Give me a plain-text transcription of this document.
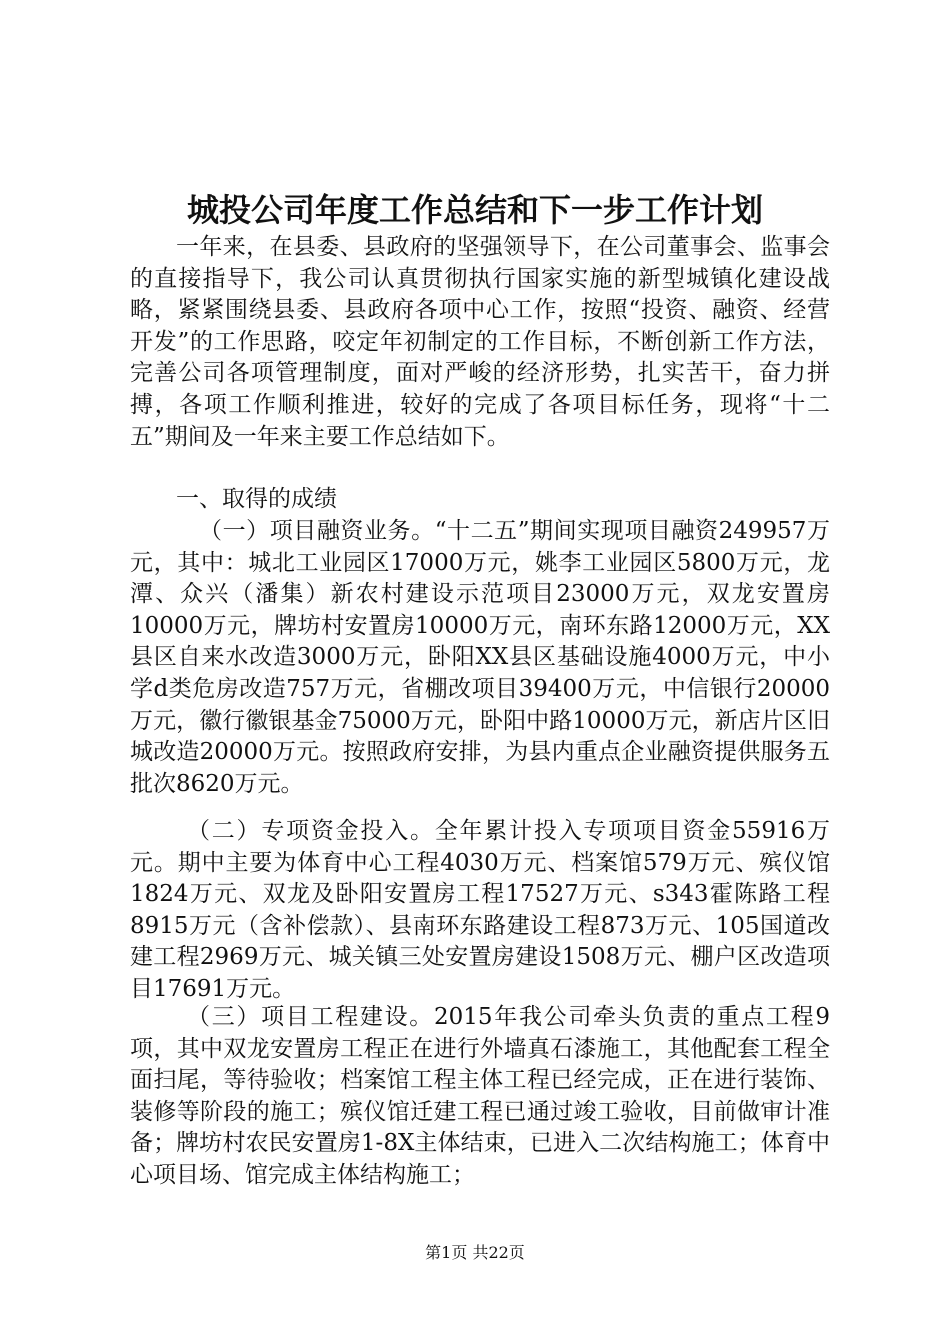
城投公司年度工作总结和下一步工作计划

一年来，在县委、县政府的坚强领导下，在公司董事会、监事会的直接指导下，我公司认真贯彻执行国家实施的新型城镇化建设战略，紧紧围绕县委、县政府各项中心工作，按照“投资、融资、经营开发”的工作思路，咬定年初制定的工作目标，不断创新工作方法，完善公司各项管理制度，面对严峻的经济形势，扎实苦干，奋力拼搏，各项工作顺利推进，较好的完成了各项目标任务，现将“十二五”期间及一年来主要工作总结如下。

一、取得的成绩

（一）项目融资业务。“十二五”期间实现项目融资249957万元，其中：城北工业园区17000万元，姚李工业园区5800万元，龙潭、众兴（潘集）新农村建设示范项目23000万元，双龙安置房10000万元，牌坊村安置房10000万元，南环东路12000万元，XX县区自来水改造3000万元，卧阳XX县区基础设施4000万元，中小学d类危房改造757万元，省棚改项目39400万元，中信银行20000万元，徽行徽银基金75000万元，卧阳中路10000万元，新店片区旧城改造20000万元。按照政府安排，为县内重点企业融资提供服务五批次8620万元。

（二）专项资金投入。全年累计投入专项项目资金55916万元。期中主要为体育中心工程4030万元、档案馆579万元、殡仪馆1824万元、双龙及卧阳安置房工程17527万元、s343霍陈路工程8915万元（含补偿款）、县南环东路建设工程873万元、105国道改建工程2969万元、城关镇三处安置房建设1508万元、棚户区改造项目17691万元。

（三）项目工程建设。2015年我公司牵头负责的重点工程9项，其中双龙安置房工程正在进行外墙真石漆施工，其他配套工程全面扫尾，等待验收；档案馆工程主体工程已经完成，正在进行装饰、装修等阶段的施工；殡仪馆迁建工程已通过竣工验收，目前做审计准备；牌坊村农民安置房1-8X主体结束，已进入二次结构施工；体育中心项目场、馆完成主体结构施工；

第1页 共22页
